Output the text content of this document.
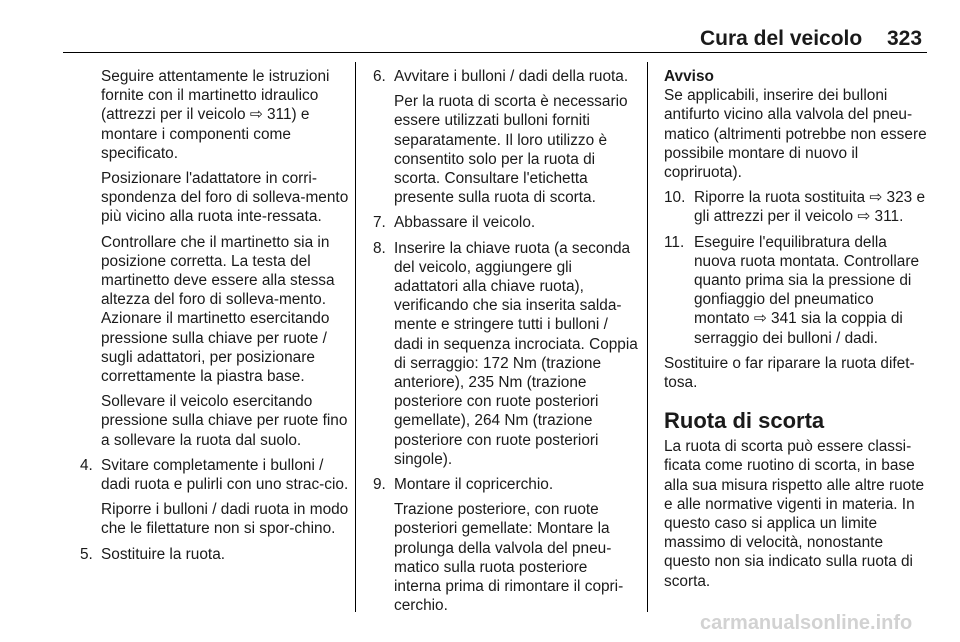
Cura del veicolo 323

Seguire attentamente le istruzioni fornite con il martinetto idraulico (attrezzi per il veicolo ⇨ 311) e montare i componenti come specificato.

Posizionare l'adattatore in corri-spondenza del foro di solleva-mento più vicino alla ruota inte-ressata.

Controllare che il martinetto sia in posizione corretta. La testa del martinetto deve essere alla stessa altezza del foro di solleva-mento. Azionare il martinetto esercitando pressione sulla chiave per ruote / sugli adattatori, per posizionare correttamente la piastra base.

Sollevare il veicolo esercitando pressione sulla chiave per ruote fino a sollevare la ruota dal suolo.

4. Svitare completamente i bulloni / dadi ruota e pulirli con uno strac-cio.

Riporre i bulloni / dadi ruota in modo che le filettature non si spor-chino.

5. Sostituire la ruota.
6. Avvitare i bulloni / dadi della ruota.

Per la ruota di scorta è necessario essere utilizzati bulloni forniti separatamente. Il loro utilizzo è consentito solo per la ruota di scorta. Consultare l'etichetta presente sulla ruota di scorta.

7. Abbassare il veicolo.
8. Inserire la chiave ruota (a seconda del veicolo, aggiungere gli adattatori alla chiave ruota), verificando che sia inserita salda-mente e stringere tutti i bulloni / dadi in sequenza incrociata. Coppia di serraggio: 172 Nm (trazione anteriore), 235 Nm (trazione posteriore con ruote posteriori gemellate), 264 Nm (trazione posteriore con ruote posteriori singole).
9. Montare il copricerchio.

Trazione posteriore, con ruote posteriori gemellate: Montare la prolunga della valvola del pneu-matico sulla ruota posteriore interna prima di rimontare il copri-cerchio.

Avviso
Se applicabili, inserire dei bulloni antifurto vicino alla valvola del pneu-matico (altrimenti potrebbe non essere possibile montare di nuovo il copriruota).
10. Riporre la ruota sostituita ⇨ 323 e gli attrezzi per il veicolo ⇨ 311.
11. Eseguire l'equilibratura della nuova ruota montata. Controllare quanto prima sia la pressione di gonfiaggio del pneumatico montato ⇨ 341 sia la coppia di serraggio dei bulloni / dadi.

Sostituire o far riparare la ruota difet-tosa.

Ruota di scorta

La ruota di scorta può essere classi-ficata come ruotino di scorta, in base alla sua misura rispetto alle altre ruote e alle normative vigenti in materia. In questo caso si applica un limite massimo di velocità, nonostante questo non sia indicato sulla ruota di scorta.

carmanualsonline.info
